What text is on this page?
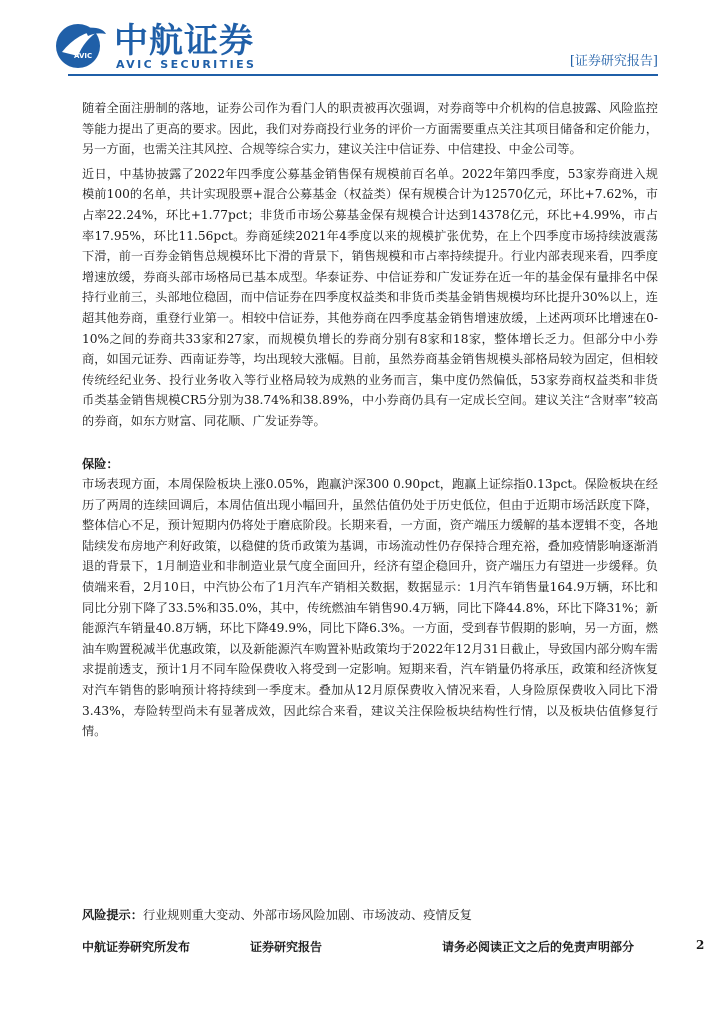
AVIC 中航证券
AVIC SECURITIES	[证券研究报告]

随着全面注册制的落地，证券公司作为看门人的职责被再次强调，对券商等中介机构的信息披露、风险监控等能力提出了更高的要求。因此，我们对券商投行业务的评价一方面需要重点关注其项目储备和定价能力，另一方面，也需关注其风控、合规等综合实力，建议关注中信证券、中信建投、中金公司等。

近日，中基协披露了2022年四季度公募基金销售保有规模前百名单。2022年第四季度，53家券商进入规模前100的名单，共计实现股票+混合公募基金（权益类）保有规模合计为12570亿元，环比+7.62%，市占率22.24%，环比+1.77pct；非货币市场公募基金保有规模合计达到14378亿元，环比+4.99%，市占率17.95%，环比11.56pct。券商延续2021年4季度以来的规模扩张优势，在上个四季度市场持续波震荡下滑，前一百券金销售总规模环比下滑的背景下，销售规模和市占率持续提升。行业内部表现来看，四季度增速放缓，券商头部市场格局已基本成型。华泰证券、中信证券和广发证券在近一年的基金保有量排名中保持行业前三，头部地位稳固，而中信证券在四季度权益类和非货币类基金销售规模均环比提升30%以上，连超其他券商，重登行业第一。相较中信证券，其他券商在四季度基金销售增速放缓，上述两项环比增速在0-10%之间的券商共33家和27家，而规模负增长的券商分别有8家和18家，整体增长乏力。但部分中小券商，如国元证券、西南证券等，均出现较大涨幅。目前，虽然券商基金销售规模头部格局较为固定，但相较传统经纪业务、投行业务收入等行业格局较为成熟的业务而言，集中度仍然偏低，53家券商权益类和非货币类基金销售规模CR5分别为38.74%和38.89%，中小券商仍具有一定成长空间。建议关注“含财率”较高的券商，如东方财富、同花顺、广发证券等。

保险：

市场表现方面，本周保险板块上涨0.05%，跑赢沪深300 0.90pct，跑赢上证综指0.13pct。保险板块在经历了两周的连续回调后，本周估值出现小幅回升，虽然估值仍处于历史低位，但由于近期市场活跃度下降，整体信心不足，预计短期内仍将处于磨底阶段。长期来看，一方面，资产端压力缓解的基本逻辑不变，各地陆续发布房地产利好政策，以稳健的货币政策为基调，市场流动性仍存保持合理充裕，叠加疫情影响逐渐消退的背景下，1月制造业和非制造业景气度全面回升，经济有望企稳回升，资产端压力有望进一步缓释。负债端来看，2月10日，中汽协公布了1月汽车产销相关数据，数据显示：1月汽车销售量164.9万辆，环比和同比分别下降了33.5%和35.0%，其中，传统燃油车销售90.4万辆，同比下降44.8%，环比下降31%；新能源汽车销量40.8万辆，环比下降49.9%，同比下降6.3%。一方面，受到春节假期的影响，另一方面，燃油车购置税减半优惠政策，以及新能源汽车购置补贴政策均于2022年12月31日截止，导致国内部分购车需求提前透支，预计1月不同车险保费收入将受到一定影响。短期来看，汽车销量仍将承压，政策和经济恢复对汽车销售的影响预计将持续到一季度末。叠加从12月原保费收入情况来看，人身险原保费收入同比下滑3.43%，寿险转型尚未有显著成效，因此综合来看，建议关注保险板块结构性行情，以及板块估值修复行情。

风险提示：行业规则重大变动、外部市场风险加剧、市场波动、疫情反复
中航证券研究所发布	证券研究报告	请务必阅读正文之后的免责声明部分	2
